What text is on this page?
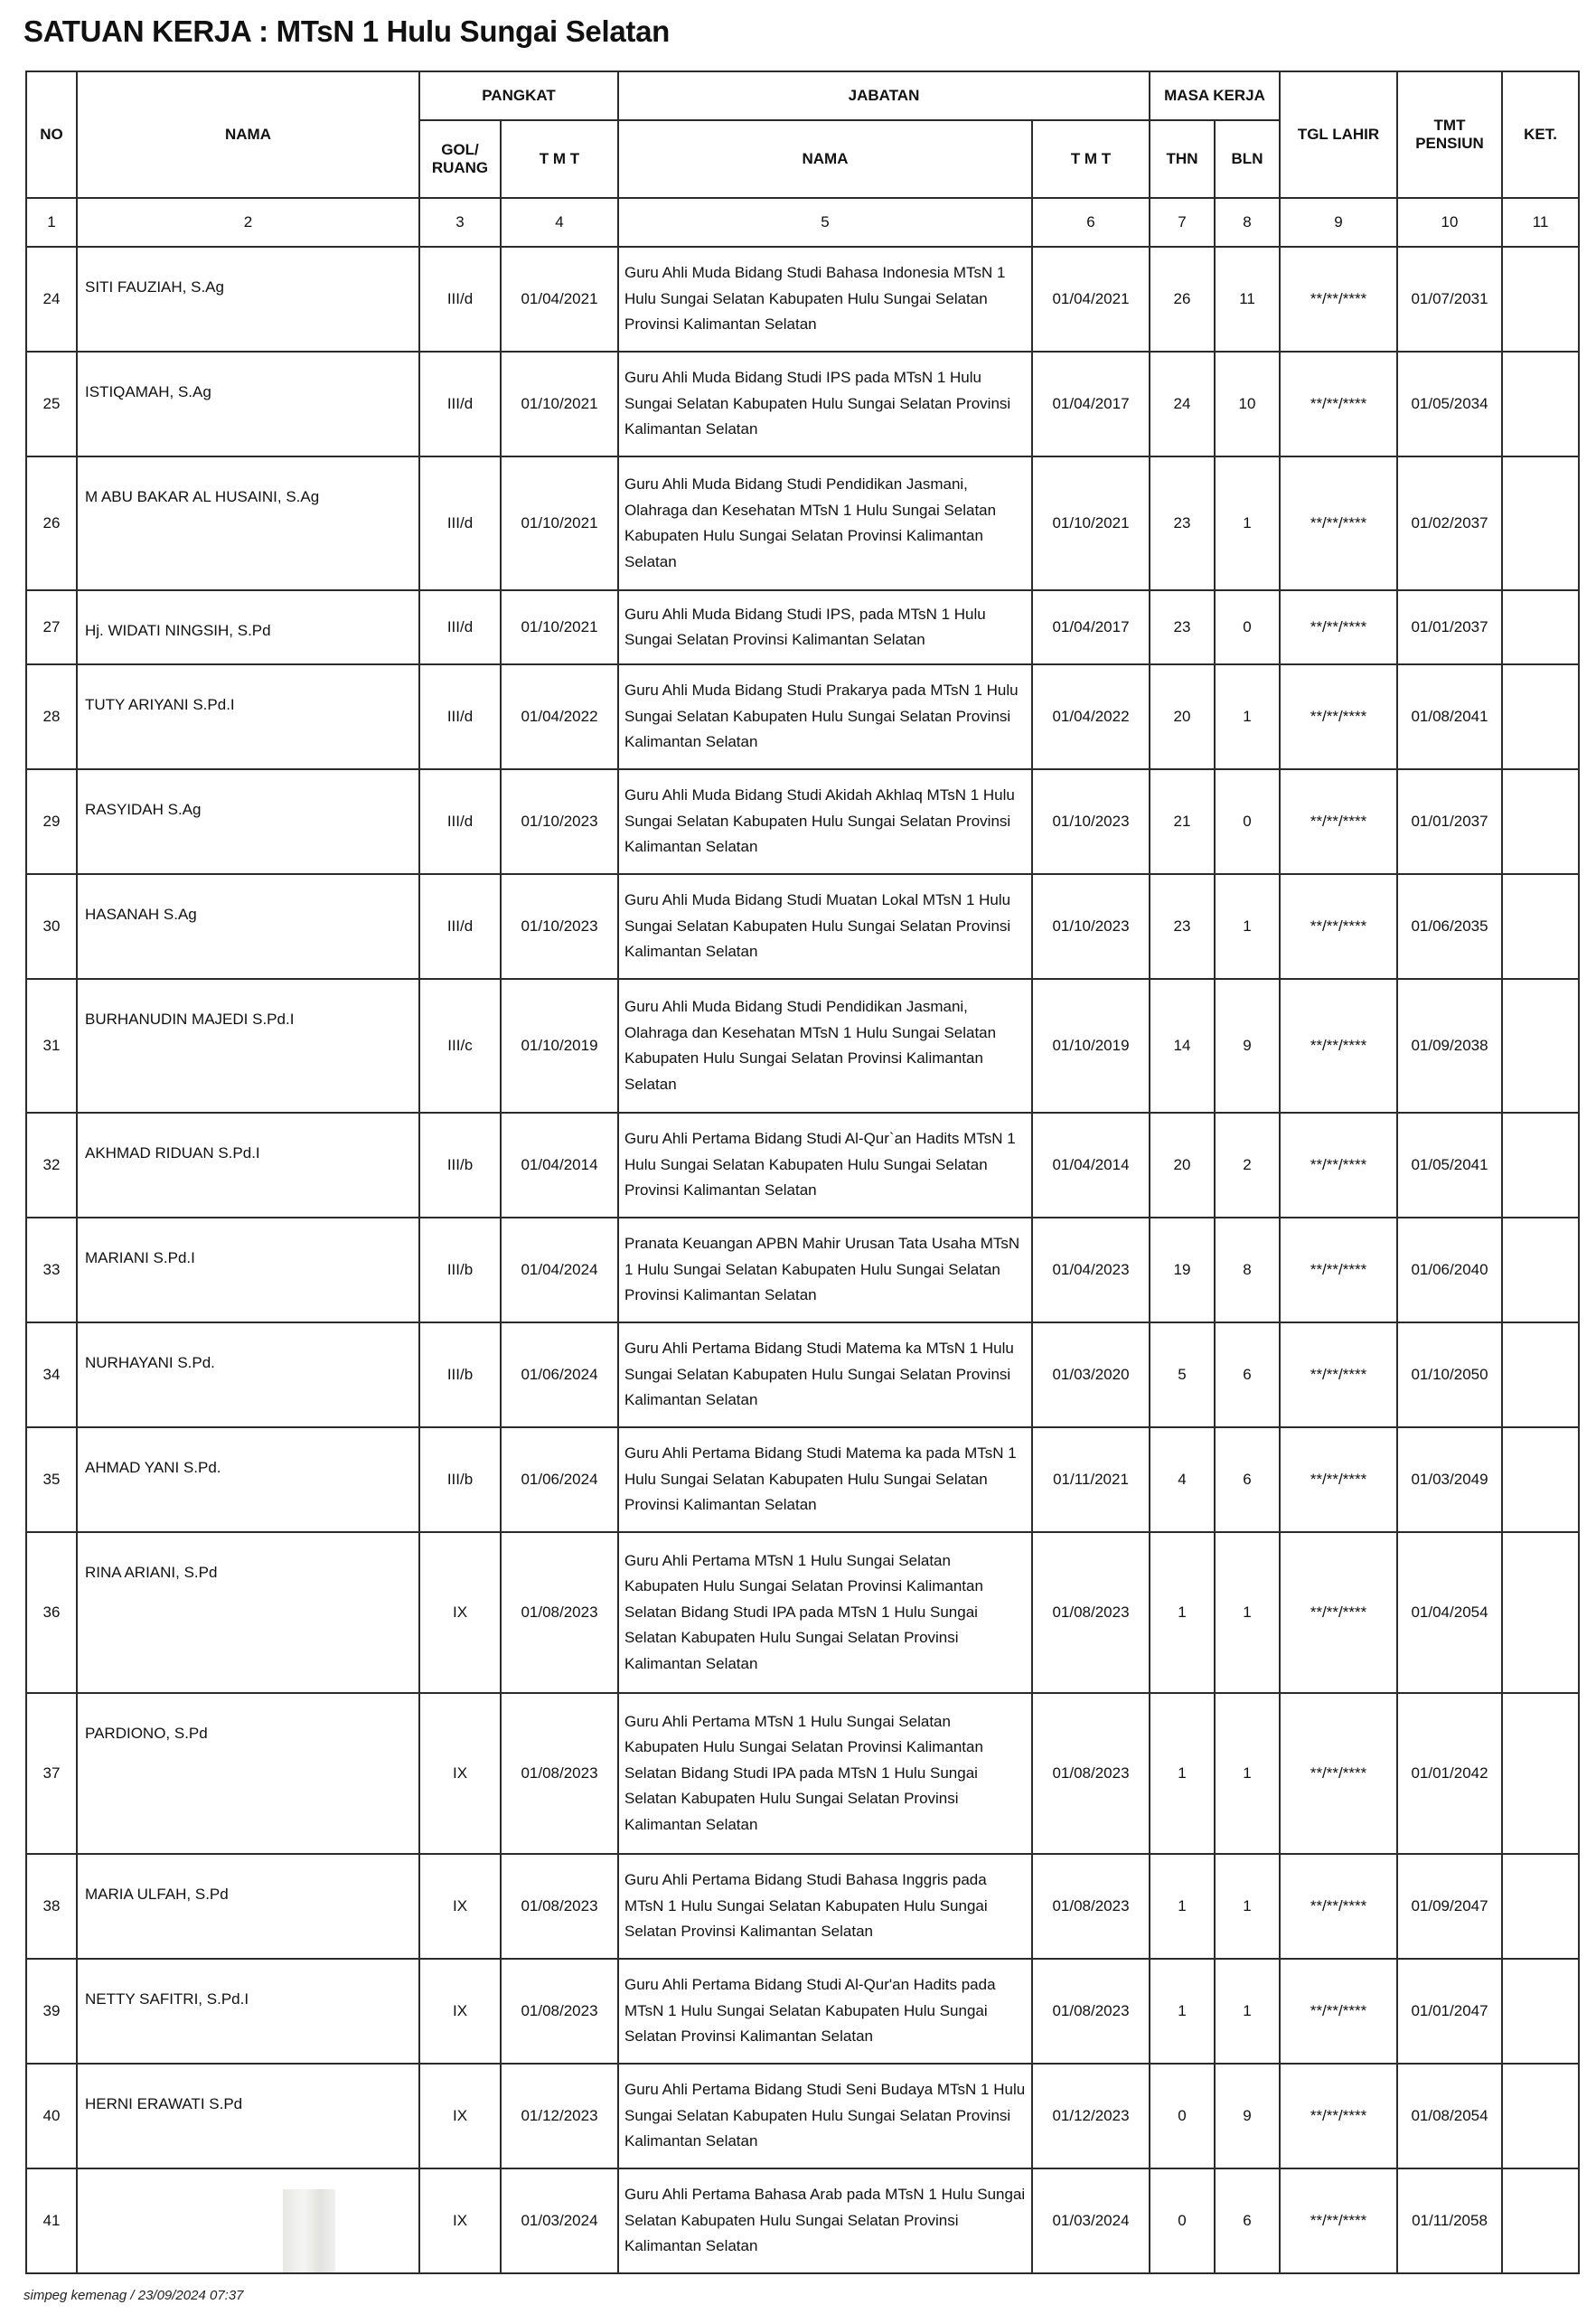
SATUAN KERJA : MTsN 1 Hulu Sungai Selatan
NO	NAMA	PANGKAT		JABATAN		MASA KERJA		TGL LAHIR	TMT PENSIUN	KET.
		GOL/ RUANG	T M T	NAMA	T M T	THN	BLN			
1	2	3	4	5	6	7	8	9	10	11
24	SITI FAUZIAH, S.Ag	III/d	01/04/2021	Guru Ahli Muda Bidang Studi Bahasa Indonesia MTsN 1 Hulu Sungai Selatan Kabupaten Hulu Sungai Selatan Provinsi Kalimantan Selatan	01/04/2021	26	11	**/**/****	01/07/2031	
25	ISTIQAMAH, S.Ag	III/d	01/10/2021	Guru Ahli Muda Bidang Studi IPS pada MTsN 1 Hulu Sungai Selatan Kabupaten Hulu Sungai Selatan Provinsi Kalimantan Selatan	01/04/2017	24	10	**/**/****	01/05/2034	
26	M ABU BAKAR AL HUSAINI, S.Ag	III/d	01/10/2021	Guru Ahli Muda Bidang Studi Pendidikan Jasmani, Olahraga dan Kesehatan MTsN 1 Hulu Sungai Selatan Kabupaten Hulu Sungai Selatan Provinsi Kalimantan Selatan	01/10/2021	23	1	**/**/****	01/02/2037	
27	Hj. WIDATI NINGSIH, S.Pd	III/d	01/10/2021	Guru Ahli Muda Bidang Studi IPS, pada MTsN 1 Hulu Sungai Selatan Provinsi Kalimantan Selatan	01/04/2017	23	0	**/**/****	01/01/2037	
28	TUTY ARIYANI S.Pd.I	III/d	01/04/2022	Guru Ahli Muda Bidang Studi Prakarya pada MTsN 1 Hulu Sungai Selatan Kabupaten Hulu Sungai Selatan Provinsi Kalimantan Selatan	01/04/2022	20	1	**/**/****	01/08/2041	
29	RASYIDAH S.Ag	III/d	01/10/2023	Guru Ahli Muda Bidang Studi Akidah Akhlaq MTsN 1 Hulu Sungai Selatan Kabupaten Hulu Sungai Selatan Provinsi Kalimantan Selatan	01/10/2023	21	0	**/**/****	01/01/2037	
30	HASANAH S.Ag	III/d	01/10/2023	Guru Ahli Muda Bidang Studi Muatan Lokal MTsN 1 Hulu Sungai Selatan Kabupaten Hulu Sungai Selatan Provinsi Kalimantan Selatan	01/10/2023	23	1	**/**/****	01/06/2035	
31	BURHANUDIN MAJEDI S.Pd.I	III/c	01/10/2019	Guru Ahli Muda Bidang Studi Pendidikan Jasmani, Olahraga dan Kesehatan MTsN 1 Hulu Sungai Selatan Kabupaten Hulu Sungai Selatan Provinsi Kalimantan Selatan	01/10/2019	14	9	**/**/****	01/09/2038	
32	AKHMAD RIDUAN S.Pd.I	III/b	01/04/2014	Guru Ahli Pertama Bidang Studi Al-Qur`an Hadits MTsN 1 Hulu Sungai Selatan Kabupaten Hulu Sungai Selatan Provinsi Kalimantan Selatan	01/04/2014	20	2	**/**/****	01/05/2041	
33	MARIANI S.Pd.I	III/b	01/04/2024	Pranata Keuangan APBN Mahir Urusan Tata Usaha MTsN 1 Hulu Sungai Selatan Kabupaten Hulu Sungai Selatan Provinsi Kalimantan Selatan	01/04/2023	19	8	**/**/****	01/06/2040	
34	NURHAYANI S.Pd.	III/b	01/06/2024	Guru Ahli Pertama Bidang Studi Matema ka MTsN 1 Hulu Sungai Selatan Kabupaten Hulu Sungai Selatan Provinsi Kalimantan Selatan	01/03/2020	5	6	**/**/****	01/10/2050	
35	AHMAD YANI S.Pd.	III/b	01/06/2024	Guru Ahli Pertama Bidang Studi Matema ka pada MTsN 1 Hulu Sungai Selatan Kabupaten Hulu Sungai Selatan Provinsi Kalimantan Selatan	01/11/2021	4	6	**/**/****	01/03/2049	
36	RINA ARIANI, S.Pd	IX	01/08/2023	Guru Ahli Pertama MTsN 1 Hulu Sungai Selatan Kabupaten Hulu Sungai Selatan Provinsi Kalimantan Selatan Bidang Studi IPA pada MTsN 1 Hulu Sungai Selatan Kabupaten Hulu Sungai Selatan Provinsi Kalimantan Selatan	01/08/2023	1	1	**/**/****	01/04/2054	
37	PARDIONO, S.Pd	IX	01/08/2023	Guru Ahli Pertama MTsN 1 Hulu Sungai Selatan Kabupaten Hulu Sungai Selatan Provinsi Kalimantan Selatan Bidang Studi IPA pada MTsN 1 Hulu Sungai Selatan Kabupaten Hulu Sungai Selatan Provinsi Kalimantan Selatan	01/08/2023	1	1	**/**/****	01/01/2042	
38	MARIA ULFAH, S.Pd	IX	01/08/2023	Guru Ahli Pertama Bidang Studi Bahasa Inggris pada MTsN 1 Hulu Sungai Selatan Kabupaten Hulu Sungai Selatan Provinsi Kalimantan Selatan	01/08/2023	1	1	**/**/****	01/09/2047	
39	NETTY SAFITRI, S.Pd.I	IX	01/08/2023	Guru Ahli Pertama Bidang Studi Al-Qur'an Hadits pada MTsN 1 Hulu Sungai Selatan Kabupaten Hulu Sungai Selatan Provinsi Kalimantan Selatan	01/08/2023	1	1	**/**/****	01/01/2047	
40	HERNI ERAWATI S.Pd	IX	01/12/2023	Guru Ahli Pertama Bidang Studi Seni Budaya MTsN 1 Hulu Sungai Selatan Kabupaten Hulu Sungai Selatan Provinsi Kalimantan Selatan	01/12/2023	0	9	**/**/****	01/08/2054	
41		IX	01/03/2024	Guru Ahli Pertama Bahasa Arab pada MTsN 1 Hulu Sungai Selatan Kabupaten Hulu Sungai Selatan Provinsi Kalimantan Selatan	01/03/2024	0	6	**/**/****	01/11/2058	
simpeg kemenag / 23/09/2024 07:37
